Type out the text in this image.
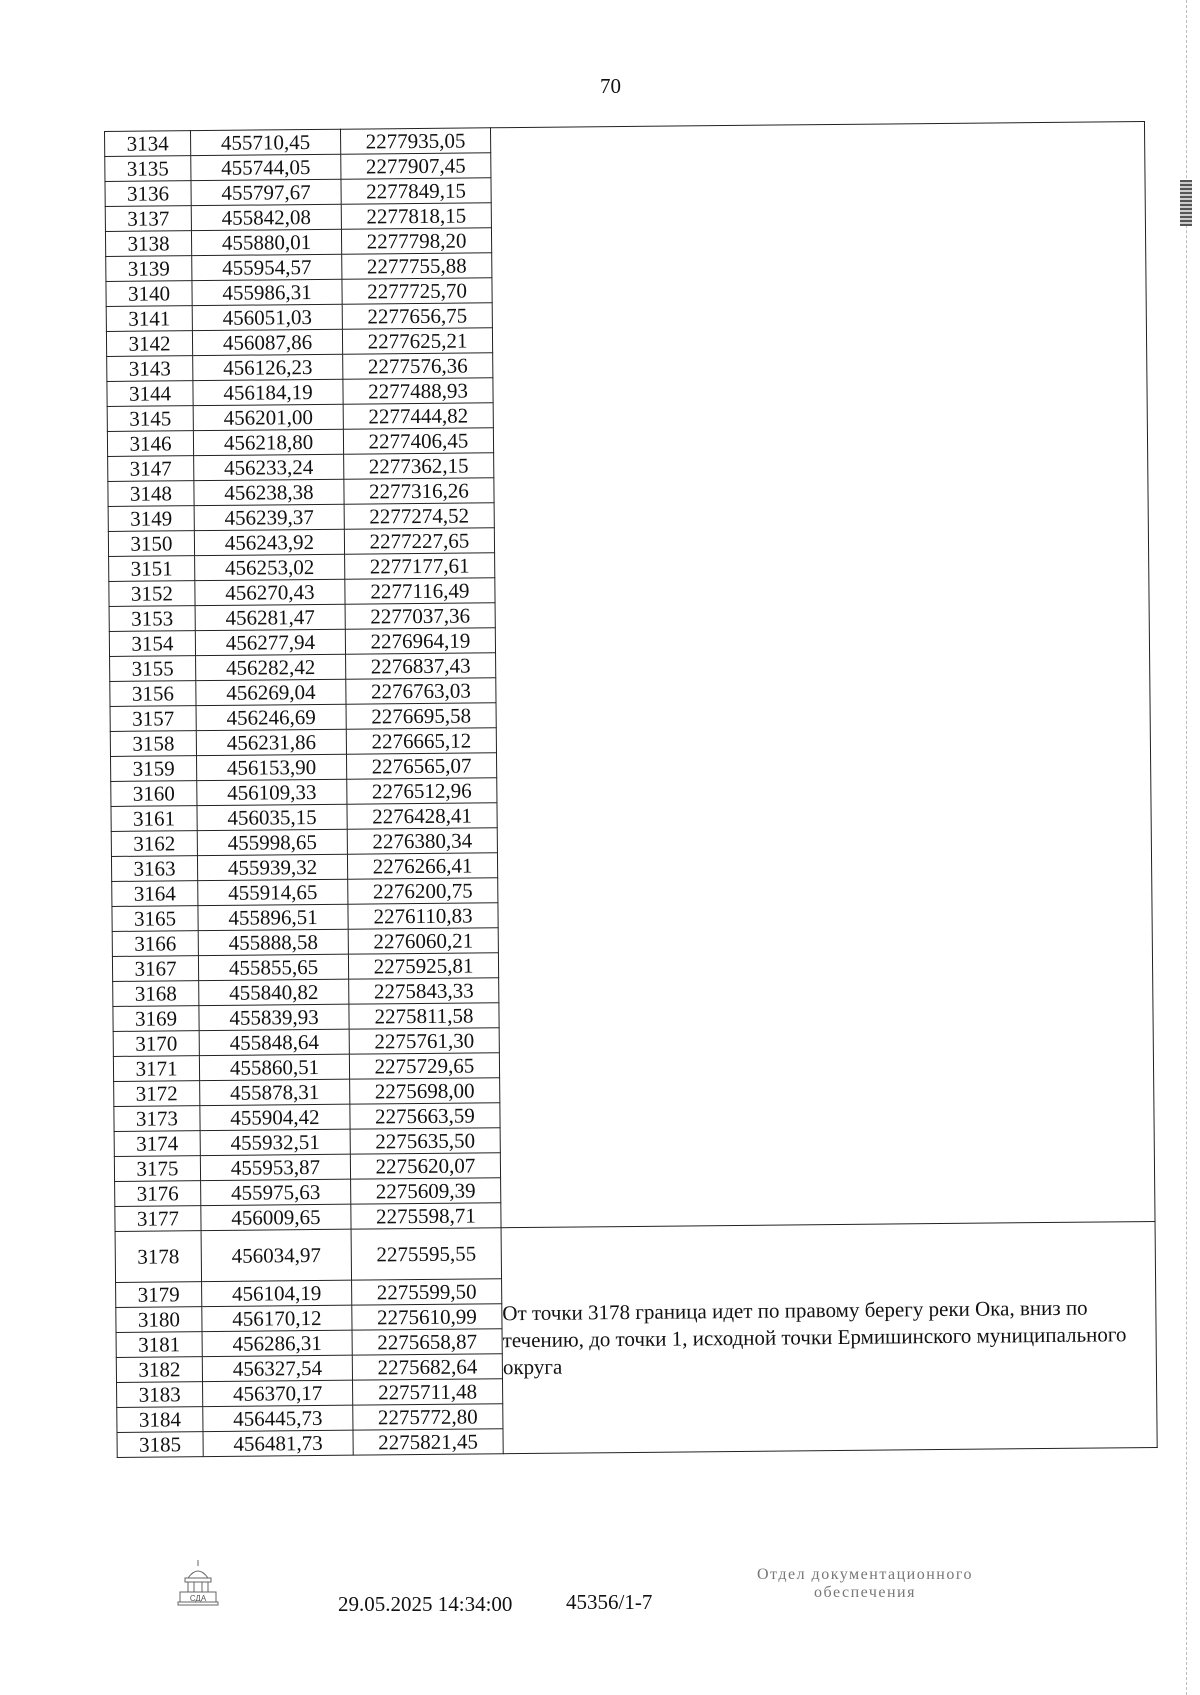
70
3134	455710,45	2277935,05	
3135	455744,05	2277907,45	
3136	455797,67	2277849,15	
3137	455842,08	2277818,15	
3138	455880,01	2277798,20	
3139	455954,57	2277755,88	
3140	455986,31	2277725,70	
3141	456051,03	2277656,75	
3142	456087,86	2277625,21	
3143	456126,23	2277576,36	
3144	456184,19	2277488,93	
3145	456201,00	2277444,82	
3146	456218,80	2277406,45	
3147	456233,24	2277362,15	
3148	456238,38	2277316,26	
3149	456239,37	2277274,52	
3150	456243,92	2277227,65	
3151	456253,02	2277177,61	
3152	456270,43	2277116,49	
3153	456281,47	2277037,36	
3154	456277,94	2276964,19	
3155	456282,42	2276837,43	
3156	456269,04	2276763,03	
3157	456246,69	2276695,58	
3158	456231,86	2276665,12	
3159	456153,90	2276565,07	
3160	456109,33	2276512,96	
3161	456035,15	2276428,41	
3162	455998,65	2276380,34	
3163	455939,32	2276266,41	
3164	455914,65	2276200,75	
3165	455896,51	2276110,83	
3166	455888,58	2276060,21	
3167	455855,65	2275925,81	
3168	455840,82	2275843,33	
3169	455839,93	2275811,58	
3170	455848,64	2275761,30	
3171	455860,51	2275729,65	
3172	455878,31	2275698,00	
3173	455904,42	2275663,59	
3174	455932,51	2275635,50	
3175	455953,87	2275620,07	
3176	455975,63	2275609,39	
3177	456009,65	2275598,71	
3178	456034,97	2275595,55	От точки 3178 граница идет по правому берегу реки Ока, вниз по течению, до точки 1, исходной точки Ермишинского муниципального округа
3179	456104,19	2275599,50	
3180	456170,12	2275610,99	
3181	456286,31	2275658,87	
3182	456327,54	2275682,64	
3183	456370,17	2275711,48	
3184	456445,73	2275772,80	
3185	456481,73	2275821,45	
СДА	29.05.2025 14:34:00	45356/1-7
Отдел документационного
обеспечения
